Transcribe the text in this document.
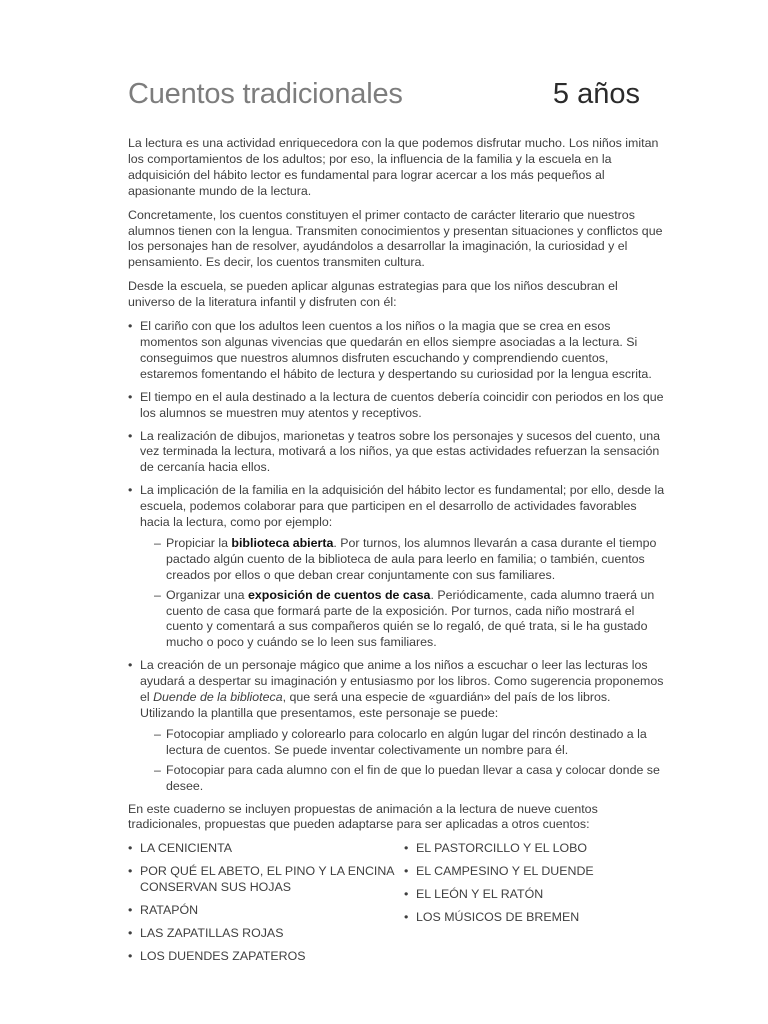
Cuentos tradicionales	5 años

La lectura es una actividad enriquecedora con la que podemos disfrutar mucho. Los niños imitan los comportamientos de los adultos; por eso, la influencia de la familia y la escuela en la adquisición del hábito lector es fundamental para lograr acercar a los más pequeños al apasionante mundo de la lectura.

Concretamente, los cuentos constituyen el primer contacto de carácter literario que nuestros alumnos tienen con la lengua. Transmiten conocimientos y presentan situaciones y conflictos que los personajes han de resolver, ayudándolos a desarrollar la imaginación, la curiosidad y el pensamiento. Es decir, los cuentos transmiten cultura.

Desde la escuela, se pueden aplicar algunas estrategias para que los niños descubran el universo de la literatura infantil y disfruten con él:

• El cariño con que los adultos leen cuentos a los niños o la magia que se crea en esos momentos son algunas vivencias que quedarán en ellos siempre asociadas a la lectura. Si conseguimos que nuestros alumnos disfruten escuchando y comprendiendo cuentos, estaremos fomentando el hábito de lectura y despertando su curiosidad por la lengua escrita.
• El tiempo en el aula destinado a la lectura de cuentos debería coincidir con periodos en los que los alumnos se muestren muy atentos y receptivos.
• La realización de dibujos, marionetas y teatros sobre los personajes y sucesos del cuento, una vez terminada la lectura, motivará a los niños, ya que estas actividades refuerzan la sensación de cercanía hacia ellos.
• La implicación de la familia en la adquisición del hábito lector es fundamental; por ello, desde la escuela, podemos colaborar para que participen en el desarrollo de actividades favorables hacia la lectura, como por ejemplo:
– Propiciar la biblioteca abierta. Por turnos, los alumnos llevarán a casa durante el tiempo pactado algún cuento de la biblioteca de aula para leerlo en familia; o también, cuentos creados por ellos o que deban crear conjuntamente con sus familiares.
– Organizar una exposición de cuentos de casa. Periódicamente, cada alumno traerá un cuento de casa que formará parte de la exposición. Por turnos, cada niño mostrará el cuento y comentará a sus compañeros quién se lo regaló, de qué trata, si le ha gustado mucho o poco y cuándo se lo leen sus familiares.
• La creación de un personaje mágico que anime a los niños a escuchar o leer las lecturas los ayudará a despertar su imaginación y entusiasmo por los libros. Como sugerencia proponemos el Duende de la biblioteca, que será una especie de «guardián» del país de los libros. Utilizando la plantilla que presentamos, este personaje se puede:
– Fotocopiar ampliado y colorearlo para colocarlo en algún lugar del rincón destinado a la lectura de cuentos. Se puede inventar colectivamente un nombre para él.
– Fotocopiar para cada alumno con el fin de que lo puedan llevar a casa y colocar donde se desee.

En este cuaderno se incluyen propuestas de animación a la lectura de nueve cuentos tradicionales, propuestas que pueden adaptarse para ser aplicadas a otros cuentos:

• LA CENICIENTA
• POR QUÉ EL ABETO, EL PINO Y LA ENCINA CONSERVAN SUS HOJAS
• RATAPÓN
• LAS ZAPATILLAS ROJAS
• LOS DUENDES ZAPATEROS
• EL PASTORCILLO Y EL LOBO
• EL CAMPESINO Y EL DUENDE
• EL LEÓN Y EL RATÓN
• LOS MÚSICOS DE BREMEN
